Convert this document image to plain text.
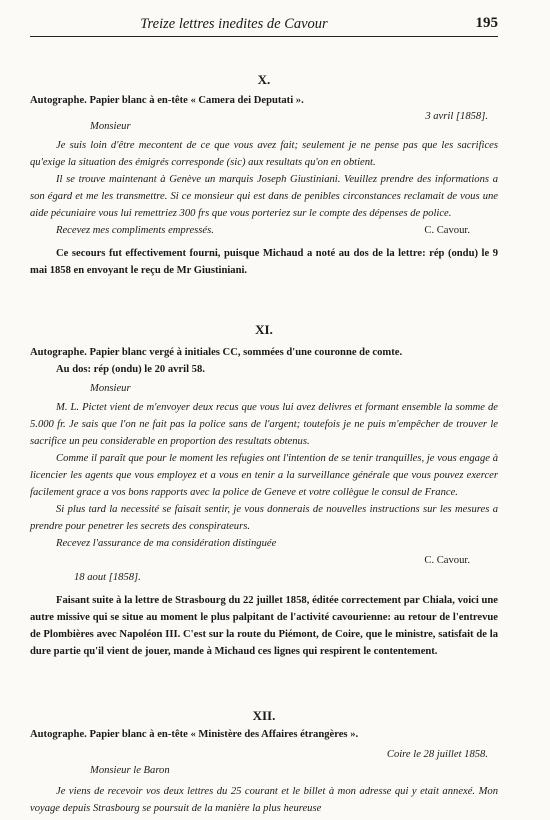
Treize lettres inedites de Cavour	195
X.

Autographe. Papier blanc à en-tête « Camera dei Deputati ».

3 avril [1858].
Monsieur

Je suis loin d'être mecontent de ce que vous avez fait; seulement je ne pense pas que les sacrifices qu'exige la situation des émigrés corresponde (sic) aux resultats qu'on en obtient.

Il se trouve maintenant à Genève un marquis Joseph Giustiniani. Veuillez prendre des informations a son égard et me les transmettre. Si ce monsieur qui est dans de penibles circonstances reclamait de vous une aide pécuniaire vous lui remettriez 300 frs que vous porteriez sur le compte des dépenses de police.

Recevez mes compliments empressés.	C. Cavour.

Ce secours fut effectivement fourni, puisque Michaud a noté au dos de la lettre: rép (ondu) le 9 mai 1858 en envoyant le reçu de Mr Giustiniani.

XI.

Autographe. Papier blanc vergé à initiales CC, sommées d'une couronne de comte.

Au dos: rép (ondu) le 20 avril 58.

Monsieur

M. L. Pictet vient de m'envoyer deux recus que vous lui avez delivres et formant ensemble la somme de 5.000 fr. Je sais que l'on ne fait pas la police sans de l'argent; toutefois je ne puis m'empêcher de trouver le sacrifice un peu considerable en proportion des resultats obtenus.

Comme il paraît que pour le moment les refugies ont l'intention de se tenir tranquilles, je vous engage à licencier les agents que vous employez et a vous en tenir a la surveillance générale que vous pouvez exercer facilement grace a vos bons rapports avec la police de Geneve et votre collègue le consul de France.

Si plus tard la necessité se faisait sentir, je vous donnerais de nouvelles instructions sur les mesures a prendre pour penetrer les secrets des conspirateurs.

Recevez l'assurance de ma considération distinguée

C. Cavour.
18 aout [1858].

Faisant suite à la lettre de Strasbourg du 22 juillet 1858, éditée correctement par Chiala, voici une autre missive qui se situe au moment le plus palpitant de l'activité cavourienne: au retour de l'entrevue de Plombières avec Napoléon III. C'est sur la route du Piémont, de Coire, que le ministre, satisfait de la dure partie qu'il vient de jouer, mande à Michaud ces lignes qui respirent le contentement.

XII.

Autographe. Papier blanc à en-tête « Ministère des Affaires étrangères ».

Coire le 28 juillet 1858.
Monsieur le Baron

Je viens de recevoir vos deux lettres du 25 courant et le billet à mon adresse qui y etait annexé. Mon voyage depuis Strasbourg se poursuit de la manière la plus heureuse
